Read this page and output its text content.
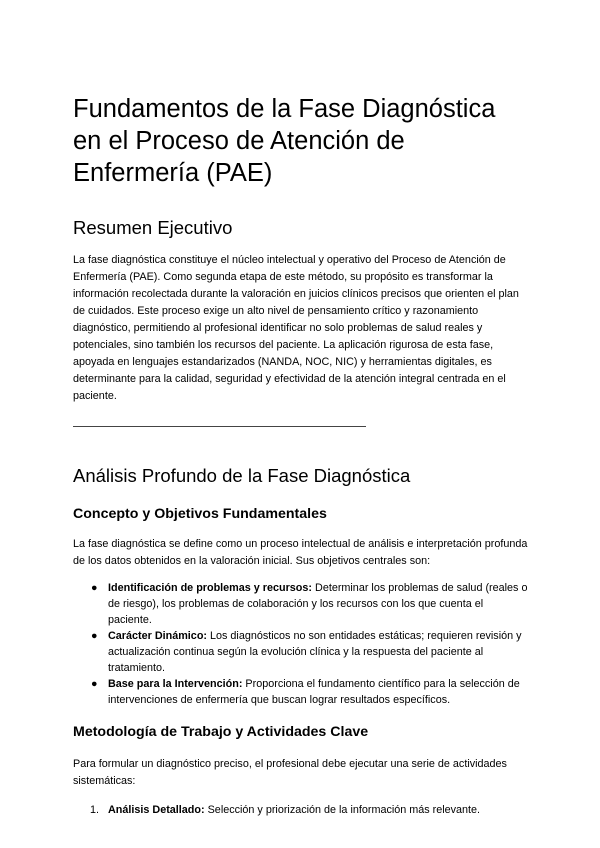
Fundamentos de la Fase Diagnóstica en el Proceso de Atención de Enfermería (PAE)
Resumen Ejecutivo

La fase diagnóstica constituye el núcleo intelectual y operativo del Proceso de Atención de Enfermería (PAE). Como segunda etapa de este método, su propósito es transformar la información recolectada durante la valoración en juicios clínicos precisos que orienten el plan de cuidados. Este proceso exige un alto nivel de pensamiento crítico y razonamiento diagnóstico, permitiendo al profesional identificar no solo problemas de salud reales y potenciales, sino también los recursos del paciente. La aplicación rigurosa de esta fase, apoyada en lenguajes estandarizados (NANDA, NOC, NIC) y herramientas digitales, es determinante para la calidad, seguridad y efectividad de la atención integral centrada en el paciente.

Análisis Profundo de la Fase Diagnóstica
Concepto y Objetivos Fundamentales

La fase diagnóstica se define como un proceso intelectual de análisis e interpretación profunda de los datos obtenidos en la valoración inicial. Sus objetivos centrales son:

● Identificación de problemas y recursos: Determinar los problemas de salud (reales o de riesgo), los problemas de colaboración y los recursos con los que cuenta el paciente.
● Carácter Dinámico: Los diagnósticos no son entidades estáticas; requieren revisión y actualización continua según la evolución clínica y la respuesta del paciente al tratamiento.
● Base para la Intervención: Proporciona el fundamento científico para la selección de intervenciones de enfermería que buscan lograr resultados específicos.
Metodología de Trabajo y Actividades Clave

Para formular un diagnóstico preciso, el profesional debe ejecutar una serie de actividades sistemáticas:

1. Análisis Detallado: Selección y priorización de la información más relevante.
